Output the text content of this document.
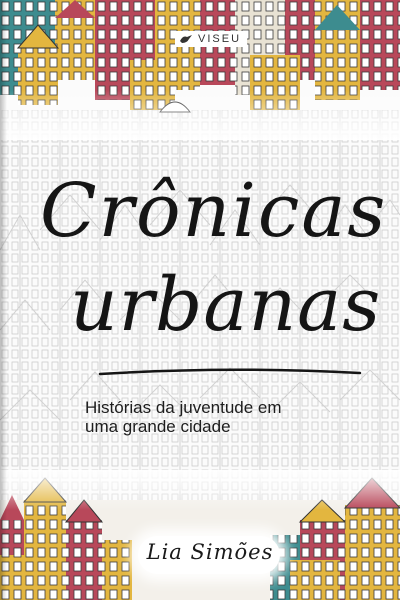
VISEU
Crônicas
urbanas
Histórias da juventude em
uma grande cidade
Lia Simões
